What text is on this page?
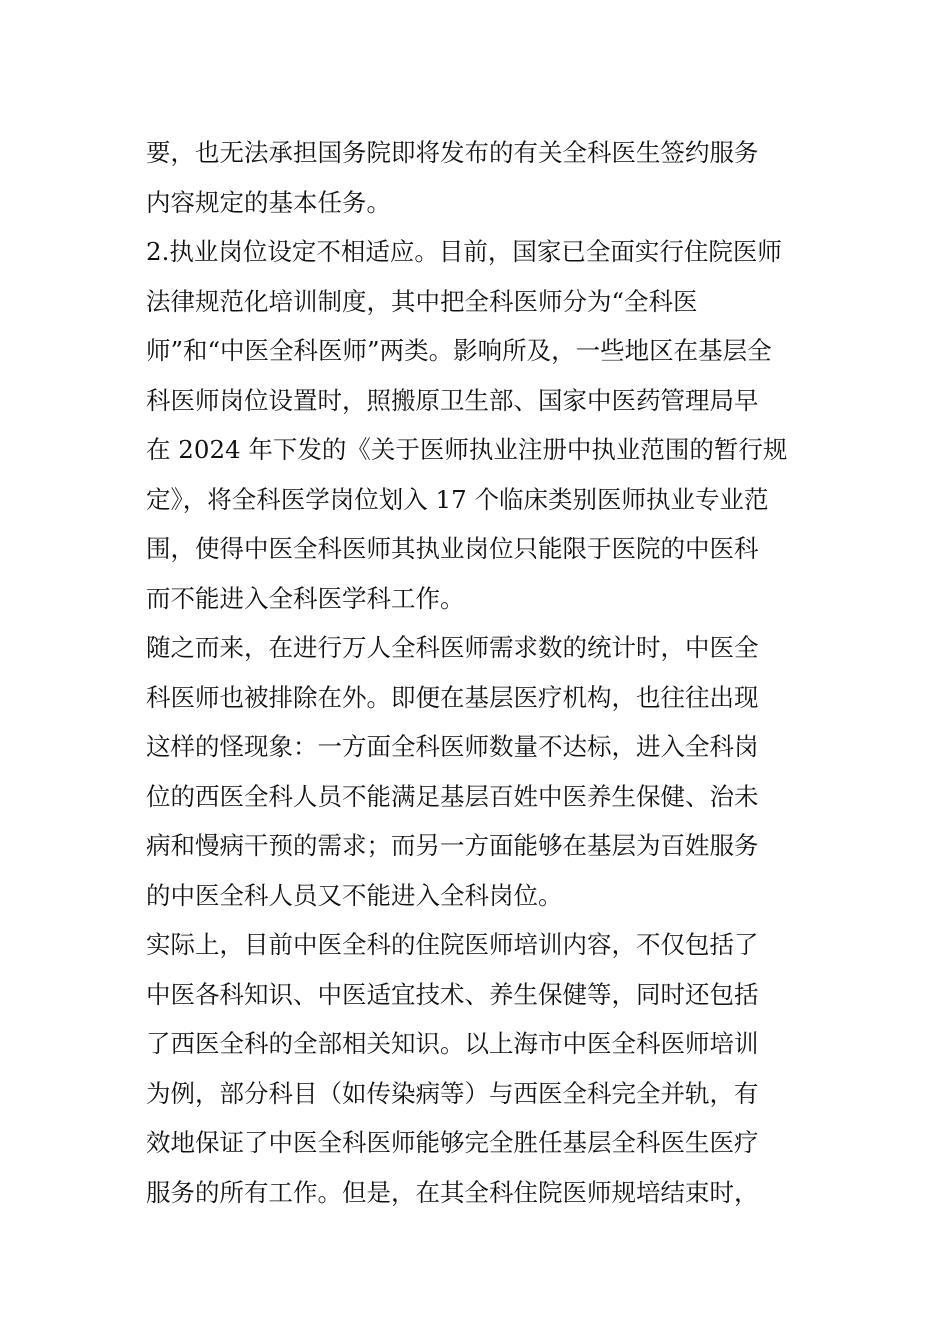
要，也无法承担国务院即将发布的有关全科医生签约服务
内容规定的基本任务。
2.执业岗位设定不相适应。目前，国家已全面实行住院医师
法律规范化培训制度，其中把全科医师分为“全科医
师”和“中医全科医师”两类。影响所及，一些地区在基层全
科医师岗位设置时，照搬原卫生部、国家中医药管理局早
在 2024 年下发的《关于医师执业注册中执业范围的暂行规
定》，将全科医学岗位划入 17 个临床类别医师执业专业范
围，使得中医全科医师其执业岗位只能限于医院的中医科
而不能进入全科医学科工作。
随之而来，在进行万人全科医师需求数的统计时，中医全
科医师也被排除在外。即便在基层医疗机构，也往往出现
这样的怪现象：一方面全科医师数量不达标，进入全科岗
位的西医全科人员不能满足基层百姓中医养生保健、治未
病和慢病干预的需求；而另一方面能够在基层为百姓服务
的中医全科人员又不能进入全科岗位。
实际上，目前中医全科的住院医师培训内容，不仅包括了
中医各科知识、中医适宜技术、养生保健等，同时还包括
了西医全科的全部相关知识。以上海市中医全科医师培训
为例，部分科目（如传染病等）与西医全科完全并轨，有
效地保证了中医全科医师能够完全胜任基层全科医生医疗
服务的所有工作。但是，在其全科住院医师规培结束时，
